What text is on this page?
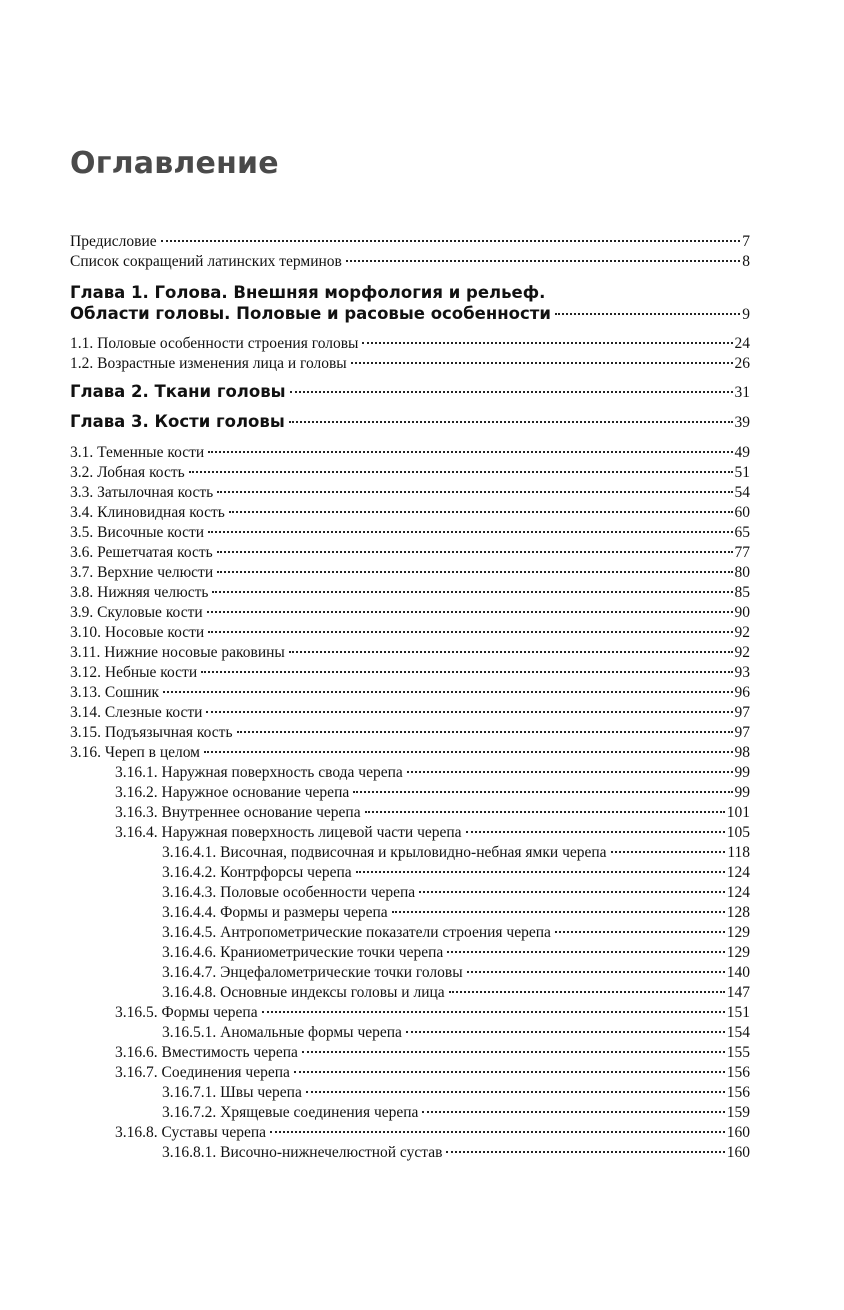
Оглавление
Предисловие	7
Список сокращений латинских терминов	8
Глава 1. Голова. Внешняя морфология и рельеф.
Области головы. Половые и расовые особенности	9
1.1. Половые особенности строения головы	24
1.2. Возрастные изменения лица и головы	26
Глава 2. Ткани головы	31
Глава 3. Кости головы	39
3.1. Теменные кости	49
3.2. Лобная кость	51
3.3. Затылочная кость	54
3.4. Клиновидная кость	60
3.5. Височные кости	65
3.6. Решетчатая кость	77
3.7. Верхние челюсти	80
3.8. Нижняя челюсть	85
3.9. Скуловые кости	90
3.10. Носовые кости	92
3.11. Нижние носовые раковины	92
3.12. Небные кости	93
3.13. Сошник	96
3.14. Слезные кости	97
3.15. Подъязычная кость	97
3.16. Череп в целом	98
3.16.1. Наружная поверхность свода черепа	99
3.16.2. Наружное основание черепа	99
3.16.3. Внутреннее основание черепа	101
3.16.4. Наружная поверхность лицевой части черепа	105
3.16.4.1. Височная, подвисочная и крыловидно-небная ямки черепа	118
3.16.4.2. Контрфорсы черепа	124
3.16.4.3. Половые особенности черепа	124
3.16.4.4. Формы и размеры черепа	128
3.16.4.5. Антропометрические показатели строения черепа	129
3.16.4.6. Краниометрические точки черепа	129
3.16.4.7. Энцефалометрические точки головы	140
3.16.4.8. Основные индексы головы и лица	147
3.16.5. Формы черепа	151
3.16.5.1. Аномальные формы черепа	154
3.16.6. Вместимость черепа	155
3.16.7. Соединения черепа	156
3.16.7.1. Швы черепа	156
3.16.7.2. Хрящевые соединения черепа	159
3.16.8. Суставы черепа	160
3.16.8.1. Височно-нижнечелюстной сустав	160
